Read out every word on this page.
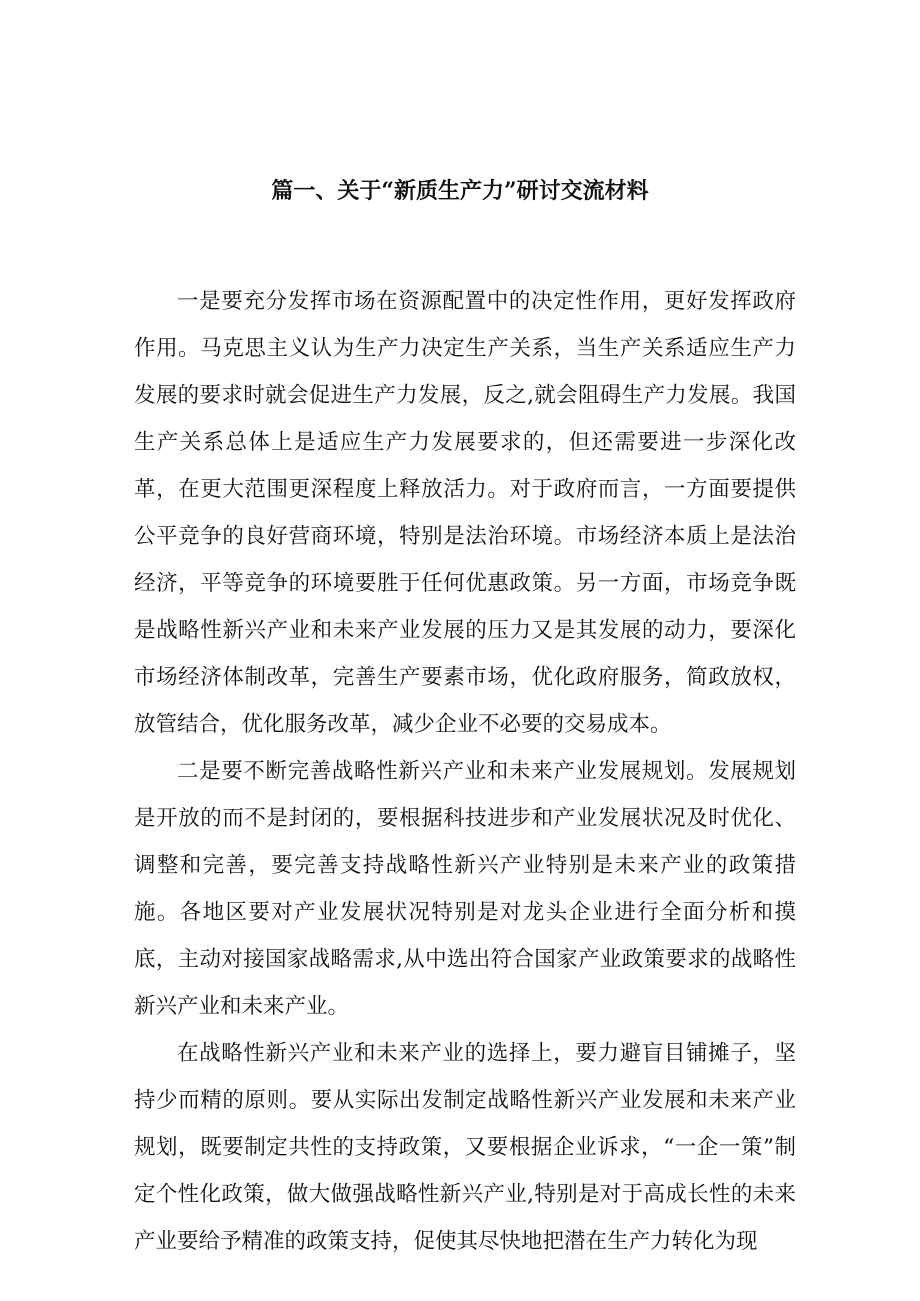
篇一、关于“新质生产力”研讨交流材料

一是要充分发挥市场在资源配置中的决定性作用，更好发挥政府作用。马克思主义认为生产力决定生产关系，当生产关系适应生产力发展的要求时就会促进生产力发展，反之,就会阻碍生产力发展。我国生产关系总体上是适应生产力发展要求的，但还需要进一步深化改革，在更大范围更深程度上释放活力。对于政府而言，一方面要提供公平竞争的良好营商环境，特别是法治环境。市场经济本质上是法治经济，平等竞争的环境要胜于任何优惠政策。另一方面，市场竞争既是战略性新兴产业和未来产业发展的压力又是其发展的动力，要深化市场经济体制改革，完善生产要素市场，优化政府服务，简政放权，放管结合，优化服务改革，减少企业不必要的交易成本。

二是要不断完善战略性新兴产业和未来产业发展规划。发展规划是开放的而不是封闭的，要根据科技进步和产业发展状况及时优化、调整和完善，要完善支持战略性新兴产业特别是未来产业的政策措施。各地区要对产业发展状况特别是对龙头企业进行全面分析和摸底，主动对接国家战略需求,从中选出符合国家产业政策要求的战略性新兴产业和未来产业。

在战略性新兴产业和未来产业的选择上，要力避盲目铺摊子，坚持少而精的原则。要从实际出发制定战略性新兴产业发展和未来产业规划，既要制定共性的支持政策，又要根据企业诉求，“一企一策”制定个性化政策，做大做强战略性新兴产业,特别是对于高成长性的未来产业要给予精准的政策支持，促使其尽快地把潜在生产力转化为现
